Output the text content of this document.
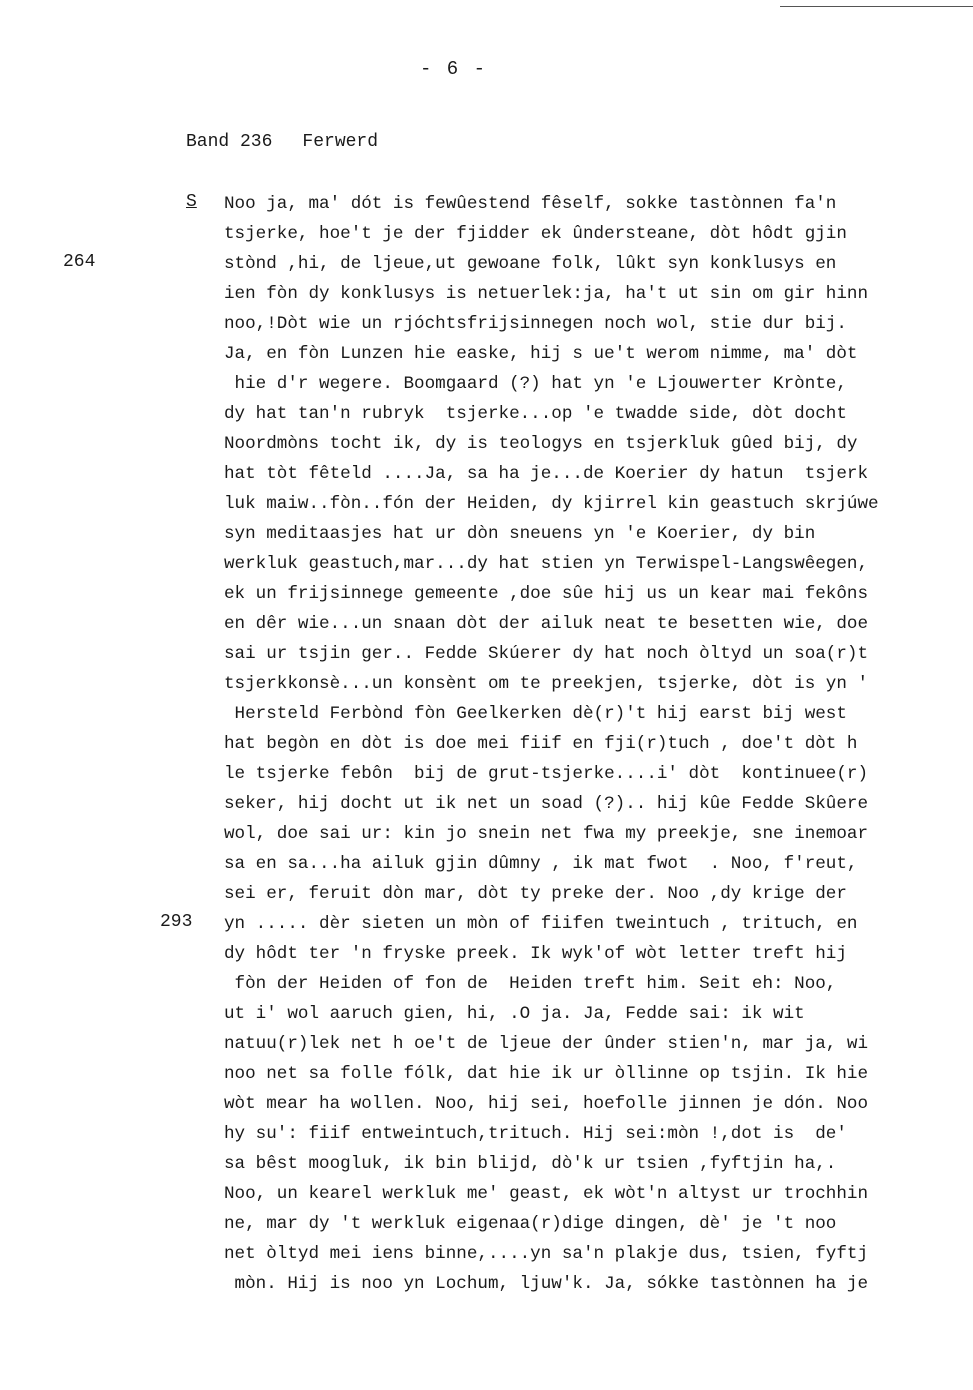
- 6 -
Band 236 Ferwerd
S
264
293
Noo ja, ma' dót is fewûestend fêself, sokke tastònnen fa'n
tsjerke, hoe't je der fjidder ek ûndersteane, dòt hôdt gjin
stònd ,hi, de ljeue,ut gewoane folk, lûkt syn konklusys en
ien fòn dy konklusys is netuerlek:ja, ha't ut sin om gir hinn
noo,!Dòt wie un rjóchtsfrijsinnegen noch wol, stie dur bij.
Ja, en fòn Lunzen hie easke, hij s ue't werom nimme, ma' dòt
hie d'r wegere. Boomgaard (?) hat yn 'e Ljouwerter Krònte,
dy hat tan'n rubryk  tsjerke...op 'e twadde side, dòt docht
Noordmòns tocht ik, dy is teologys en tsjerkluk gûed bij, dy
hat tòt fêteld ....Ja, sa ha je...de Koerier dy hatun  tsjerk
luk maiw..fòn..fón der Heiden, dy kjirrel kin geastuch skrjúwe
syn meditaasjes hat ur dòn sneuens yn 'e Koerier, dy bin
werkluk geastuch,mar...dy hat stien yn Terwispel-Langswêegen,
ek un frijsinnege gemeente ,doe sûe hij us un kear mai fekôns
en dêr wie...un snaan dòt der ailuk neat te besetten wie, doe
sai ur tsjin ger.. Fedde Skúerer dy hat noch òltyd un soa(r)t
tsjerkkonsè...un konsènt om te preekjen, tsjerke, dòt is yn '
Hersteld Ferbònd fòn Geelkerken dè(r)'t hij earst bij west
hat begòn en dòt is doe mei fiif en fji(r)tuch , doe't dòt h
le tsjerke febôn  bij de grut-tsjerke....i' dòt  kontinuee(r)
seker, hij docht ut ik net un soad (?).. hij kûe Fedde Skûere
wol, doe sai ur: kin jo snein net fwa my preekje, sne inemoar
sa en sa...ha ailuk gjin dûmny , ik mat fwot  . Noo, f'reut,
sei er, feruit dòn mar, dòt ty preke der. Noo ,dy krige der
yn ..... dèr sieten un mòn of fiifen tweintuch , trituch, en
dy hôdt ter 'n fryske preek. Ik wyk'of wòt letter treft hij
fòn der Heiden of fon de  Heiden treft him. Seit eh: Noo,
ut i' wol aaruch gien, hi, .O ja. Ja, Fedde sai: ik wit
natuu(r)lek net h oe't de ljeue der ûnder stien'n, mar ja, wi
noo net sa folle fólk, dat hie ik ur òllinne op tsjin. Ik hie
wòt mear ha wollen. Noo, hij sei, hoefolle jinnen je dón. Noo
hy su': fiif entweintuch,trituch. Hij sei:mòn !,dot is  de'
sa bêst moogluk, ik bin blijd, dò'k ur tsien ,fyftjin ha,.
Noo, un kearel werkluk me' geast, ek wòt'n altyst ur trochhin
ne, mar dy 't werkluk eigenaa(r)dige dingen, dè' je 't noo
net òltyd mei iens binne,....yn sa'n plakje dus, tsien, fyftj
mòn. Hij is noo yn Lochum, ljuw'k. Ja, sókke tastònnen ha je
